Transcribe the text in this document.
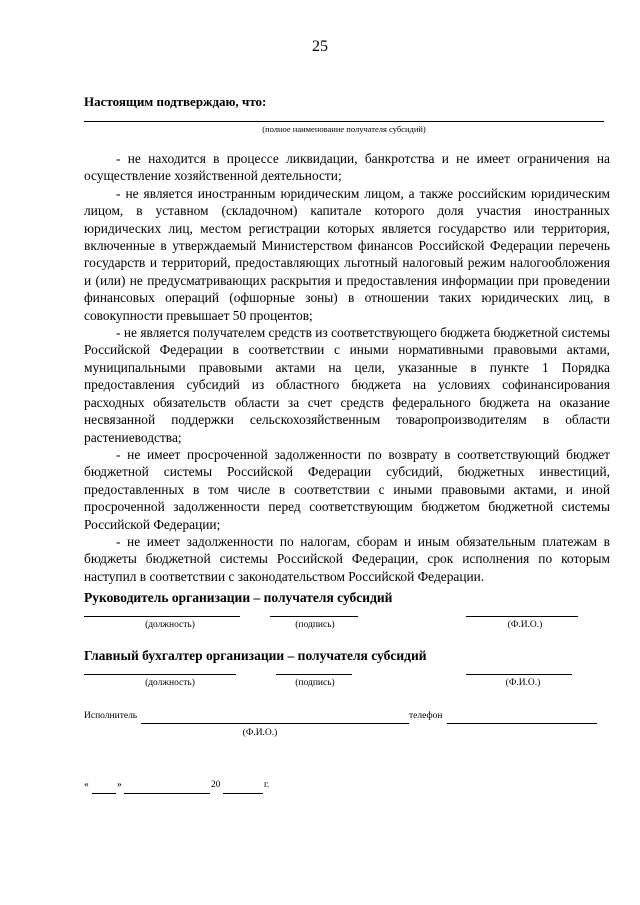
25
Настоящим подтверждаю, что:
(полное наименование получателя субсидий)

- не находится в процессе ликвидации, банкротства и не имеет ограничения на осуществление хозяйственной деятельности;

- не является иностранным юридическим лицом, а также российским юридическим лицом, в уставном (складочном) капитале которого доля участия иностранных юридических лиц, местом регистрации которых является государство или территория, включенные в утверждаемый Министерством финансов Российской Федерации перечень государств и территорий, предоставляющих льготный налоговый режим налогообложения и (или) не предусматривающих раскрытия и предоставления информации при проведении финансовых операций (офшорные зоны) в отношении таких юридических лиц, в совокупности превышает 50 процентов;

- не является получателем средств из соответствующего бюджета бюджетной системы Российской Федерации в соответствии с иными нормативными правовыми актами, муниципальными правовыми актами на цели, указанные в пункте 1 Порядка предоставления субсидий из областного бюджета на условиях софинансирования расходных обязательств области за счет средств федерального бюджета на оказание несвязанной поддержки сельскохозяйственным товаропроизводителям в области растениеводства;

- не имеет просроченной задолженности по возврату в соответствующий бюджет бюджетной системы Российской Федерации субсидий, бюджетных инвестиций, предоставленных в том числе в соответствии с иными правовыми актами, и иной просроченной задолженности перед соответствующим бюджетом бюджетной системы Российской Федерации;

- не имеет задолженности по налогам, сборам и иным обязательным платежам в бюджеты бюджетной системы Российской Федерации, срок исполнения по которым наступил в соответствии с законодательством Российской Федерации.

Руководитель организации – получателя субсидий
(должность)	(подпись)	(Ф.И.О.)
Главный бухгалтер организации – получателя субсидий
(должность)	(подпись)	(Ф.И.О.)
Исполнитель	телефон
(Ф.И.О.)
«	»	20	г.
